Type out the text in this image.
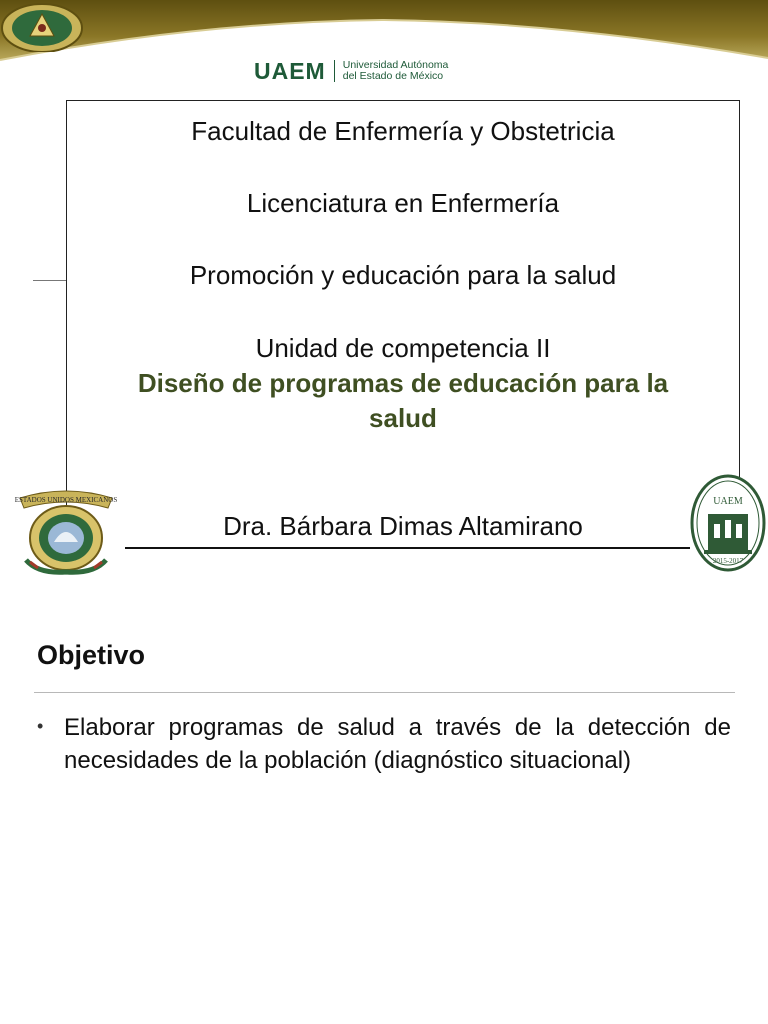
UAEM Universidad Autónoma
del Estado de México
Facultad de Enfermería y Obstetricia
Licenciatura en Enfermería
Promoción y educación para la salud
Unidad de competencia II
Diseño de programas de educación para la
salud
Dra. Bárbara Dimas Altamirano
ESTADOS UNIDOS MEXICANOS	UAEM
2015-2017
Objetivo
• Elaborar programas de salud a través de la detección de necesidades de la población (diagnóstico situacional)
